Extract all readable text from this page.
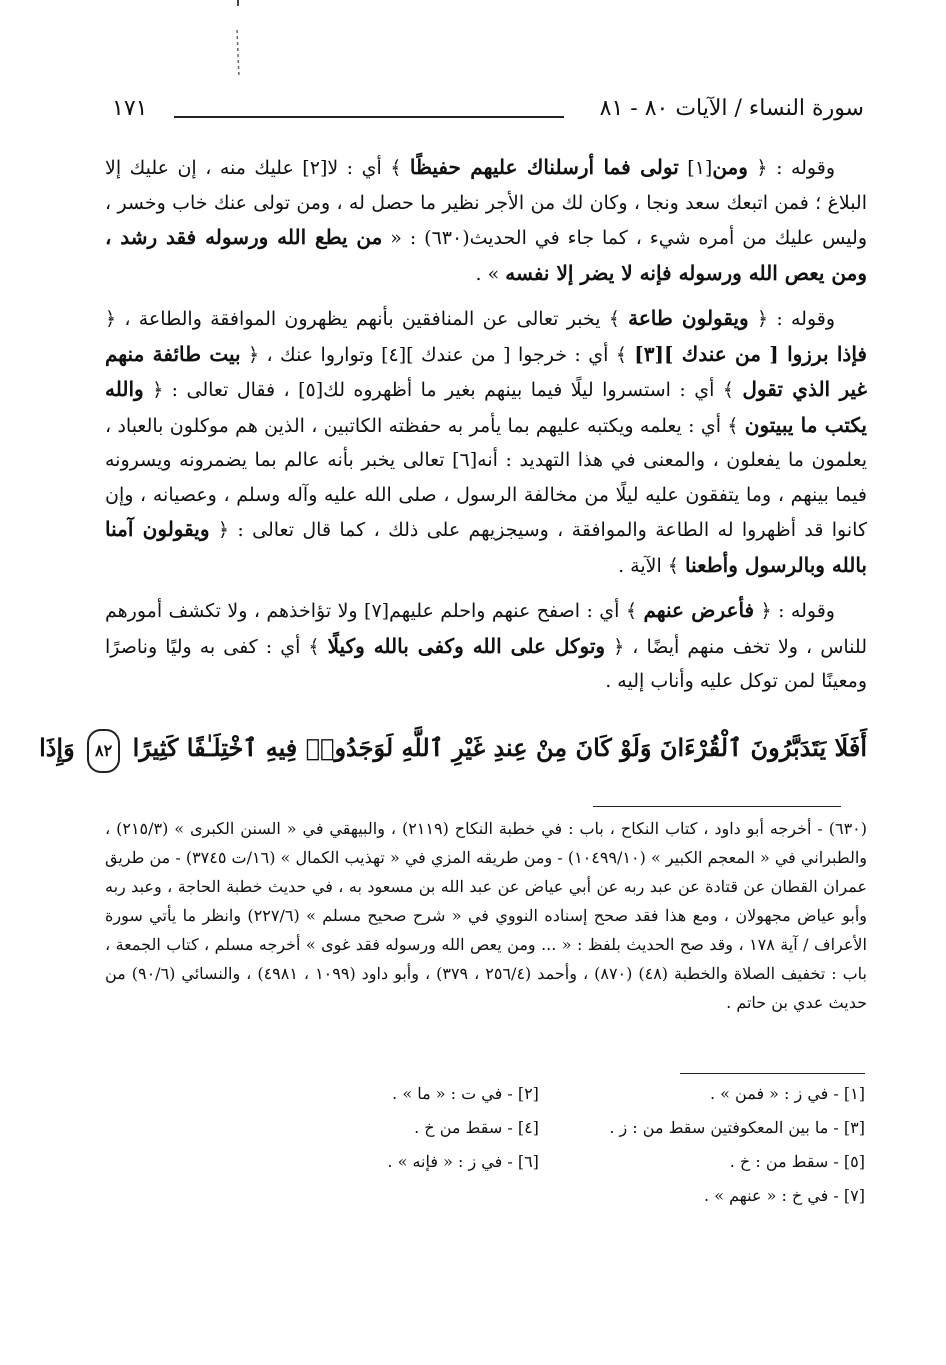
١٧١	سورة النساء / الآيات ٨٠ - ٨١

وقوله : ﴿ ومن[١] تولى فما أرسلناك عليهم حفيظًا ﴾ أي : لا[٢] عليك منه ، إن عليك إلا البلاغ ؛ فمن اتبعك سعد ونجا ، وكان لك من الأجر نظير ما حصل له ، ومن تولى عنك خاب وخسر ، وليس عليك من أمره شيء ، كما جاء في الحديث(٦٣٠) : « من يطع الله ورسوله فقد رشد ، ومن يعص الله ورسوله فإنه لا يضر إلا نفسه » .

وقوله : ﴿ ويقولون طاعة ﴾ يخبر تعالى عن المنافقين بأنهم يظهرون الموافقة والطاعة ، ﴿ فإذا برزوا [ من عندك ][٣] ﴾ أي : خرجوا [ من عندك ][٤] وتواروا عنك ، ﴿ بيت طائفة منهم غير الذي تقول ﴾ أي : استسروا ليلًا فيما بينهم بغير ما أظهروه لك[٥] ، فقال تعالى : ﴿ والله يكتب ما يبيتون ﴾ أي : يعلمه ويكتبه عليهم بما يأمر به حفظته الكاتبين ، الذين هم موكلون بالعباد ، يعلمون ما يفعلون ، والمعنى في هذا التهديد : أنه[٦] تعالى يخبر بأنه عالم بما يضمرونه ويسرونه فيما بينهم ، وما يتفقون عليه ليلًا من مخالفة الرسول ، صلى الله عليه وآله وسلم ، وعصيانه ، وإن كانوا قد أظهروا له الطاعة والموافقة ، وسيجزيهم على ذلك ، كما قال تعالى : ﴿ ويقولون آمنا بالله وبالرسول وأطعنا ﴾ الآية .

وقوله : ﴿ فأعرض عنهم ﴾ أي : اصفح عنهم واحلم عليهم[٧] ولا تؤاخذهم ، ولا تكشف أمورهم للناس ، ولا تخف منهم أيضًا ، ﴿ وتوكل على الله وكفى بالله وكيلًا ﴾ أي : كفى به وليًا وناصرًا ومعينًا لمن توكل عليه وأناب إليه .

أَفَلَا يَتَدَبَّرُونَ ٱلْقُرْءَانَ وَلَوْ كَانَ مِنْ عِندِ غَيْرِ ٱللَّهِ لَوَجَدُوا۟ فِيهِ ٱخْتِلَـٰفًا كَثِيرًا ٨٢ وَإِذَا

(٦٣٠) - أخرجه أبو داود ، كتاب النكاح ، باب : في خطبة النكاح (٢١١٩) ، والبيهقي في « السنن الكبرى » (٢١٥/٣) ، والطبراني في « المعجم الكبير » (١٠٤٩٩/١٠) - ومن طريقه المزي في « تهذيب الكمال » (١٦/ت ٣٧٤٥) - من طريق عمران القطان عن قتادة عن عبد ربه عن أبي عياض عن عبد الله بن مسعود به ، في حديث خطبة الحاجة ، وعبد ربه وأبو عياض مجهولان ، ومع هذا فقد صحح إسناده النووي في « شرح صحيح مسلم » (٢٢٧/٦) وانظر ما يأتي سورة الأعراف / آية ١٧٨ ، وقد صح الحديث بلفظ : « ... ومن يعص الله ورسوله فقد غوى » أخرجه مسلم ، كتاب الجمعة ، باب : تخفيف الصلاة والخطبة (٤٨) (٨٧٠) ، وأحمد (٢٥٦/٤ ، ٣٧٩) ، وأبو داود (١٠٩٩ ، ٤٩٨١) ، والنسائي (٩٠/٦) من حديث عدي بن حاتم .

[١] - في ز : « فمن » .
[٢] - في ت : « ما » .
[٣] - ما بين المعكوفتين سقط من : ز .
[٤] - سقط من خ .
[٥] - سقط من : خ .
[٦] - في ز : « فإنه » .
[٧] - في خ : « عنهم » .
